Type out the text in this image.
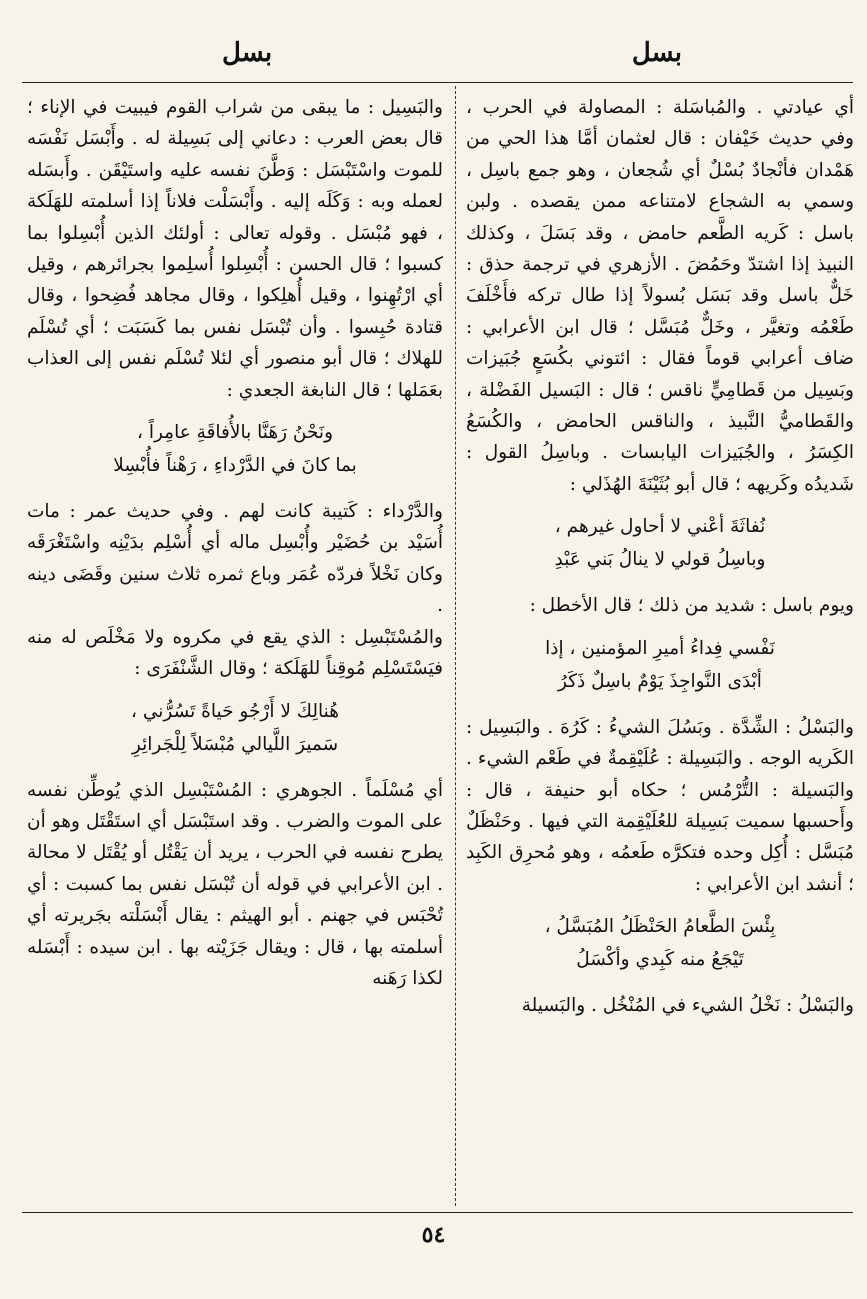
بسل
بسل

أي عيادتي . والمُباسَلة : المصاولة في الحرب ، وفي حديث خَيْفان : قال لعثمان أمَّا هذا الحي من هَمْدان فأنْجادٌ بُسْلٌ أي شُجعان ، وهو جمع باسِل ، وسمي به الشجاع لامتناعه ممن يقصده . ولبن باسل : كَريه الطَّعم حامض ، وقد بَسَلَ ، وكذلك النبيذ إذا اشتدّ وحَمُضَ . الأزهري في ترجمة حذق : خَلٌّ باسل وقد بَسَل بُسولاً إذا طال تركه فأَخْلَفَ طَعْمُه وتغيَّر ، وخَلٌّ مُبَسَّل ؛ قال ابن الأعرابي : ضاف أعرابي قوماً فقال : ائتوني بكُسَعٍ جُبَيزات وبَسِيل من قَطامِيٍّ ناقس ؛ قال : البَسيل الفَضْلة ، والقَطاميُّ النَّبيذ ، والناقس الحامض ، والكُسَعُ الكِسَرُ ، والجُبَيزات اليابسات . وباسِلُ القول : شَديدُه وكَريهه ؛ قال أبو بُثَيْنَةَ الهُذَلي :

نُفاثَةَ أعْني لا أحاول غيرهم ،
وباسِلُ قولي لا ينالُ بَني عَبْدِ

ويوم باسل : شديد من ذلك ؛ قال الأخطل :

نَفْسي فِداءُ أميرِ المؤمنين ، إذا
أبْدَى النَّواجِذَ يَوْمٌ باسِلٌ ذَكَرُ

والبَسْلُ : الشِّدَّة . وبَسُلَ الشيءُ : كَرُهَ . والبَسِيل : الكَريه الوجه . والبَسِيلة : عُلَيْقِمةٌ في طَعْم الشيء . والبَسيلة : التُّرْمُس ؛ حكاه أبو حنيفة ، قال : وأَحسبها سميت بَسِيلة للعُلَيْقِمة التي فيها . وحَنْظَلٌ مُبَسَّل : أُكِل وحده فتكرَّه طَعمُه ، وهو مُحرِق الكَبِد ؛ أنشد ابن الأعرابي :

بِئْسَ الطَّعامُ الحَنْظَلُ المُبَسَّلُ ،
تَيْجَعُ منه كَبِدي وأكْسَلُ

والبَسْلُ : نَخْلُ الشيء في المُنْخُل . والبَسيلة

والبَسِيل : ما يبقى من شراب القوم فيبيت في الإناء ؛ قال بعض العرب : دعاني إلى بَسِيلة له . وأَبْسَل نَفْسَه للموت واسْتَبْسَل : وَطَّنَ نفسه عليه واستَيْقَن . وأَبسَله لعمله وبه : وَكَلَه إليه . وأَبْسَلْت فلاناً إذا أسلمته للهَلَكة ، فهو مُبْسَل . وقوله تعالى : أولئك الذين أُبْسِلوا بما كسبوا ؛ قال الحسن : أُبْسِلوا أُسلِموا بجرائرهم ، وقيل أي ارْتُهِنوا ، وقيل أُهلِكوا ، وقال مجاهد فُضِحوا ، وقال قتادة حُبِسوا . وأن تُبْسَل نفس بما كَسَبَت ؛ أي تُسْلَم للهلاك ؛ قال أبو منصور أي لئلا تُسْلَم نفس إلى العذاب بعَمَلها ؛ قال النابغة الجعدي :

ونَحْنُ رَهَنَّا بالأُفاقَةِ عامِراً ،
بما كانَ في الدَّرْداءِ ، رَهْناً فأُبْسِلا

والدَّرْداء : كَتيبة كانت لهم . وفي حديث عمر : مات أُسَيْد بن حُضَيْر وأُبْسِل ماله أي أُسْلِم بدَيْنِه واسْتَغْرَقَه وكان نَخْلاً فردّه عُمَر وباع ثمره ثلاث سنين وقَضَى دينه .

والمُسْتَبْسِل : الذي يقع في مكروه ولا مَخْلَص له منه فيَسْتَسْلِم مُوقِناً للهَلَكة ؛ وقال الشَّنْفَرَى :

هُنالِكَ لا أَرْجُو حَياةً تَسُرُّني ،
سَميرَ اللَّيالي مُبْسَلاً لِلْجَرائِرِ

أي مُسْلَماً . الجوهري : المُسْتَبْسِل الذي يُوطِّن نفسه على الموت والضرب . وقد استَبْسَل أي استَقْتَل وهو أن يطرح نفسه في الحرب ، يريد أن يَقْتُل أو يُقْتَل لا محالة . ابن الأعرابي في قوله أن تُبْسَل نفس بما كسبت : أي تُحْبَس في جهنم . أبو الهيثم : يقال أَبْسَلْته بجَريرته أي أسلمته بها ، قال : ويقال جَزَيْته بها . ابن سيده : أَبْسَله لكذا رَهَنه

٥٤
